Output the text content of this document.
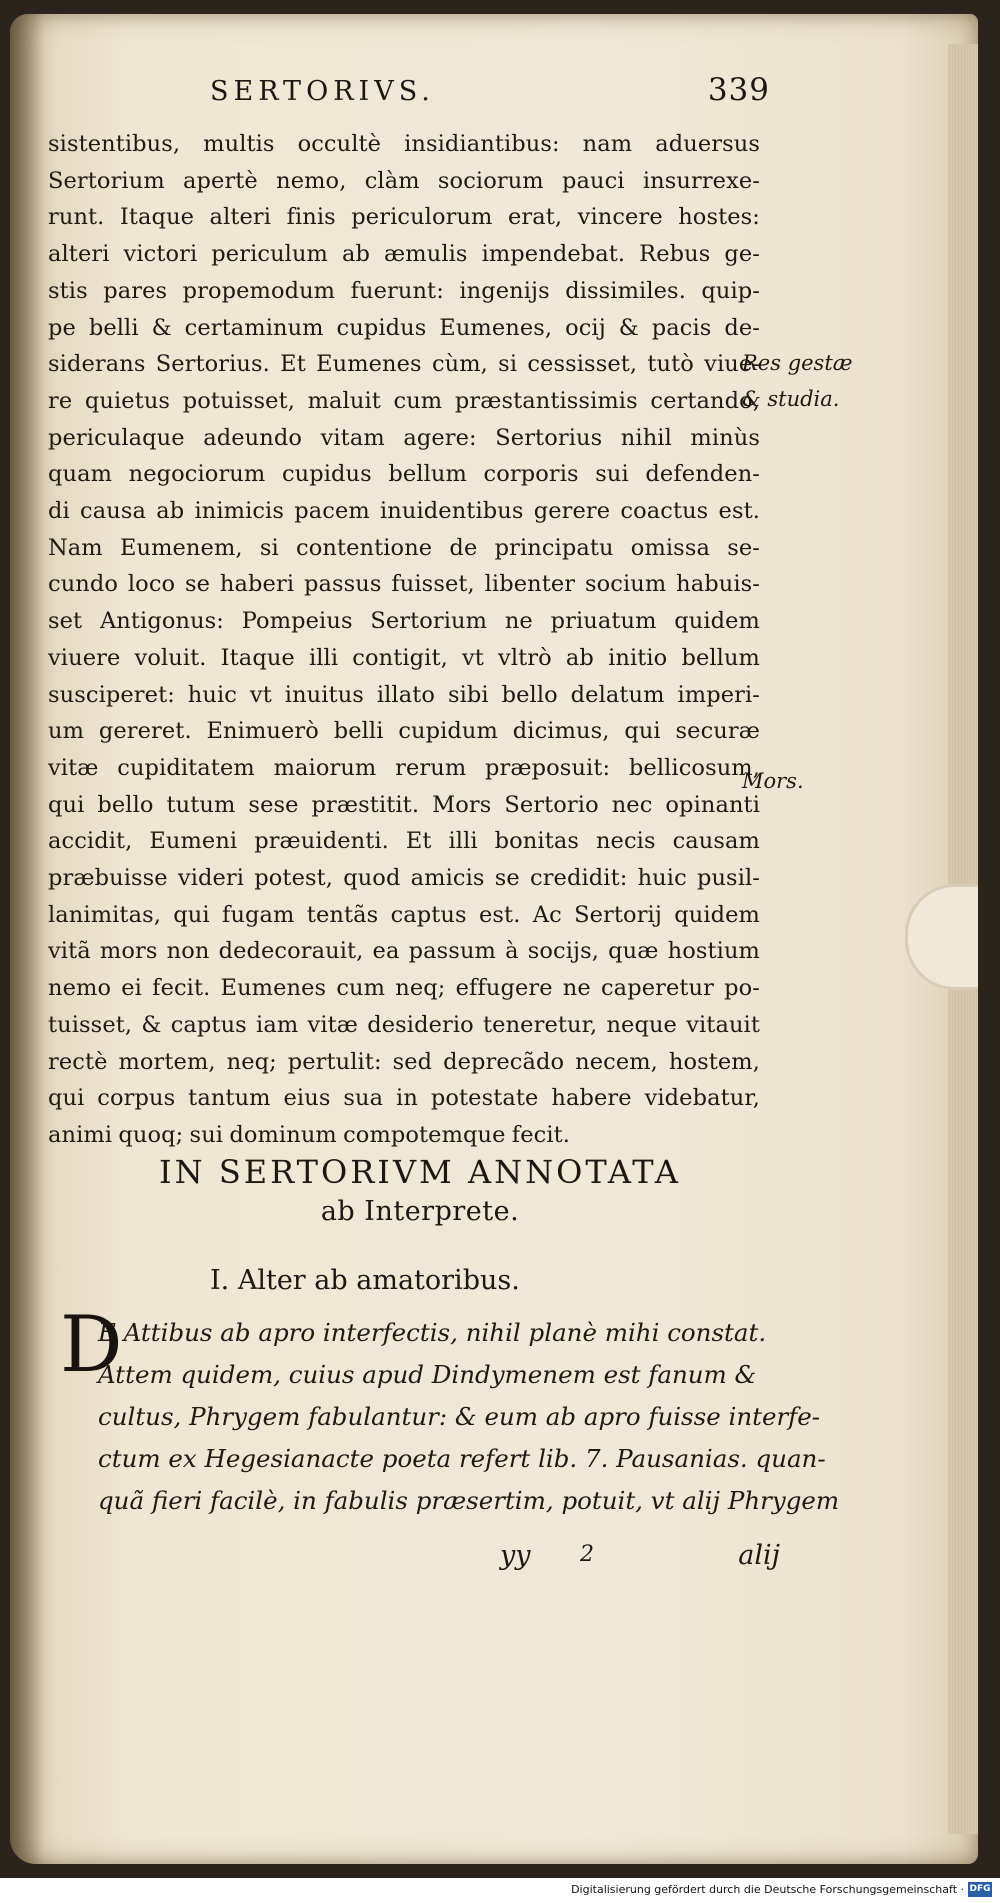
SERTORIVS.	339
sistentibus, multis occultè insidiantibus: nam aduersus
Sertorium apertè nemo, clàm sociorum pauci insurrexe-
runt. Itaque alteri finis periculorum erat, vincere hostes:
alteri victori periculum ab æmulis impendebat. Rebus ge-
stis pares propemodum fuerunt: ingenijs dissimiles. quip-
pe belli & certaminum cupidus Eumenes, ocij & pacis de-
siderans Sertorius. Et Eumenes cùm, si cessisset, tutò viue-
re quietus potuisset, maluit cum præstantissimis certando,
periculaque adeundo vitam agere: Sertorius nihil minùs
quam negociorum cupidus bellum corporis sui defenden-
di causa ab inimicis pacem inuidentibus gerere coactus est.
Nam Eumenem, si contentione de principatu omissa se-
cundo loco se haberi passus fuisset, libenter socium habuis-
set Antigonus: Pompeius Sertorium ne priuatum quidem
viuere voluit. Itaque illi contigit, vt vltrò ab initio bellum
susciperet: huic vt inuitus illato sibi bello delatum imperi-
um gereret. Enimuerò belli cupidum dicimus, qui securæ
vitæ cupiditatem maiorum rerum præposuit: bellicosum,
qui bello tutum sese præstitit. Mors Sertorio nec opinanti
accidit, Eumeni præuidenti. Et illi bonitas necis causam
præbuisse videri potest, quod amicis se credidit: huic pusil-
lanimitas, qui fugam tentãs captus est. Ac Sertorij quidem
vitã mors non dedecorauit, ea passum à socijs, quæ hostium
nemo ei fecit. Eumenes cum neq; effugere ne caperetur po-
tuisset, & captus iam vitæ desiderio teneretur, neque vitauit
rectè mortem, neq; pertulit: sed deprecãdo necem, hostem,
qui corpus tantum eius sua in potestate habere videbatur,
animi quoq; sui dominum compotemque fecit.
Res gestæ
& studia.
Mors.
IN SERTORIVM ANNOTATA
ab Interprete.
I. Alter ab amatoribus.
D
E Attibus ab apro interfectis, nihil planè mihi constat.
Attem quidem, cuius apud Dindymenem est fanum &
cultus, Phrygem fabulantur: & eum ab apro fuisse interfe-
ctum ex Hegesianacte poeta refert lib. 7. Pausanias. quan-
quã fieri facilè, in fabulis præsertim, potuit, vt alij Phrygem
yy 2	alij
Digitalisierung gefördert durch die Deutsche Forschungsgemeinschaft · DFG
